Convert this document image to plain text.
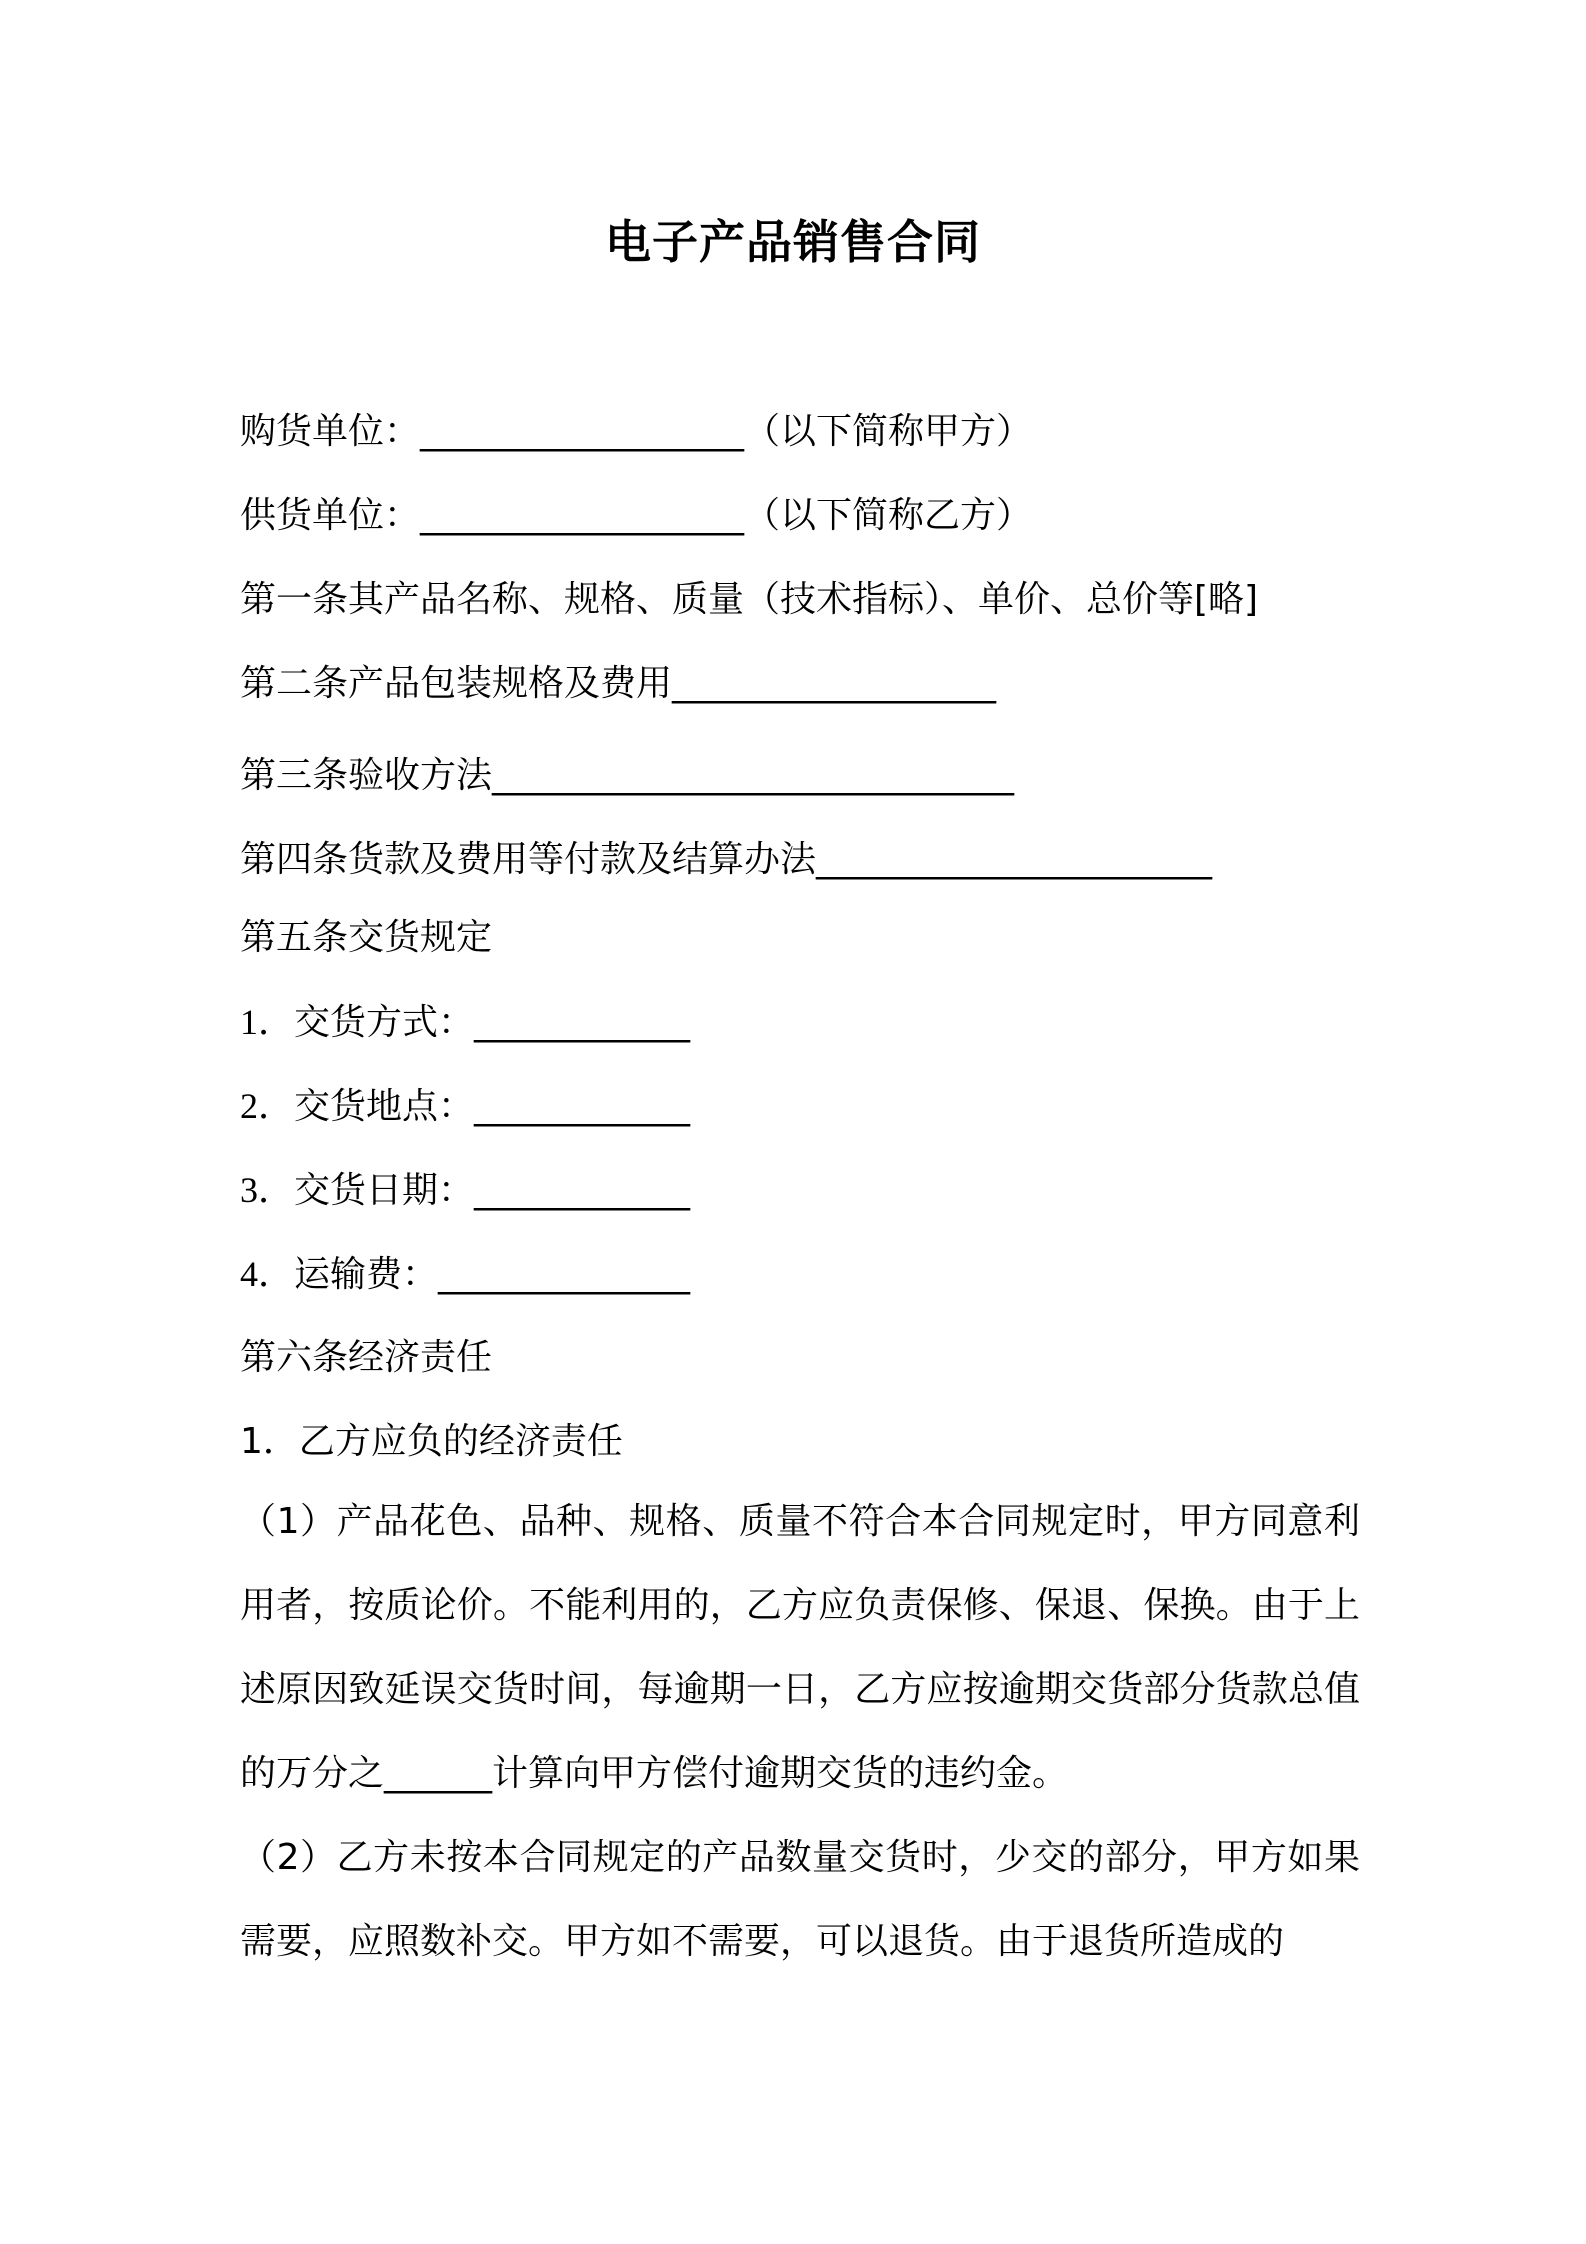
电子产品销售合同
购货单位：__________________（以下简称甲方）
供货单位：__________________（以下简称乙方）
第一条其产品名称、规格、质量（技术指标）、单价、总价等[略]
第二条产品包装规格及费用__________________
第三条验收方法_____________________________
第四条货款及费用等付款及结算办法______________________
第五条交货规定
1．交货方式：____________
2．交货地点：____________
3．交货日期：____________
4．运输费：______________
第六条经济责任
1．乙方应负的经济责任
（1）产品花色、品种、规格、质量不符合本合同规定时，甲方同意利用者，按质论价。不能利用的，乙方应负责保修、保退、保换。由于上述原因致延误交货时间，每逾期一日，乙方应按逾期交货部分货款总值的万分之______计算向甲方偿付逾期交货的违约金。
（2）乙方未按本合同规定的产品数量交货时，少交的部分，甲方如果需要，应照数补交。甲方如不需要，可以退货。由于退货所造成的
